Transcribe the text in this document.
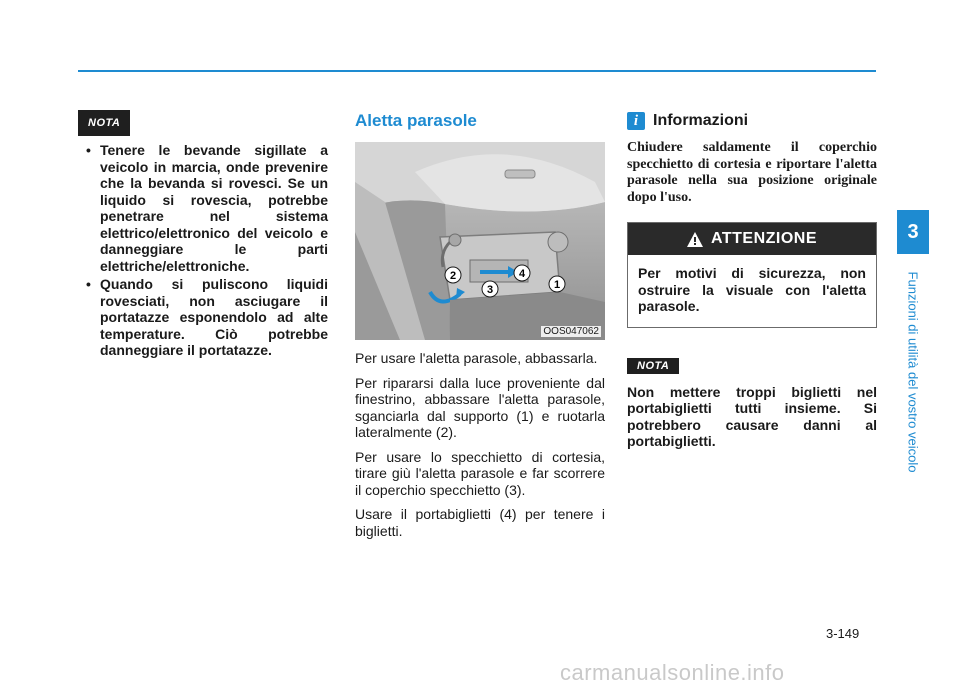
NOTA
• Tenere le bevande sigillate a veicolo in marcia, onde prevenire che la bevanda si rovesci. Se un liquido si rovescia, potrebbe penetrare nel sistema elettrico/elettronico del veicolo e danneggiare le parti elettriche/elettroniche.
• Quando si puliscono liquidi rovesciati, non asciugare il portatazze esponendolo ad alte temperature. Ciò potrebbe danneggiare il portatazze.
Aletta parasole
2
3
4
1
OOS047062

Per usare l'aletta parasole, abbassarla.

Per ripararsi dalla luce proveniente dal finestrino, abbassare l'aletta parasole, sganciarla dal supporto (1) e ruotarla lateralmente (2).

Per usare lo specchietto di cortesia, tirare giù l'aletta parasole e far scorrere il coperchio specchietto (3).

Usare il portabiglietti (4) per tenere i biglietti.

i Informazioni

Chiudere saldamente il coperchio specchietto di cortesia e riportare l'aletta parasole nella sua posizione originale dopo l'uso.

ATTENZIONE
Per motivi di sicurezza, non ostruire la visuale con l'aletta parasole.
NOTA

Non mettere troppi biglietti nel portabiglietti tutti insieme. Si potrebbero causare danni al portabiglietti.

3
Funzioni di utilità del vostro veicolo
3-149
carmanualsonline.info
